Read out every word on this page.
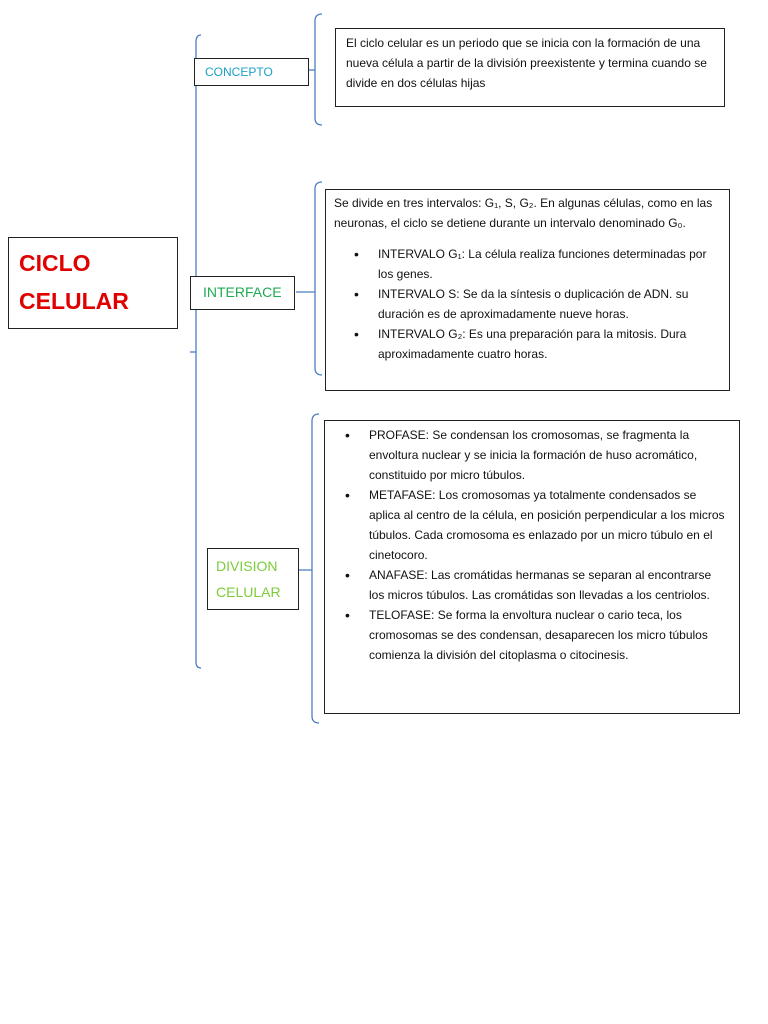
CICLO
CELULAR
CONCEPTO

El ciclo celular es un periodo que se inicia con la formación de una nueva célula a partir de la división preexistente y termina cuando se divide en dos células hijas

INTERFACE

Se divide en tres intervalos: G₁, S, G₂. En algunas células, como en las neuronas, el ciclo se detiene durante un intervalo denominado G₀.

• INTERVALO G₁: La célula realiza funciones determinadas por los genes.
• INTERVALO S: Se da la síntesis o duplicación de ADN. su duración es de aproximadamente nueve horas.
• INTERVALO G₂: Es una preparación para la mitosis. Dura aproximadamente cuatro horas.
DIVISION
CELULAR
• PROFASE: Se condensan los cromosomas, se fragmenta la envoltura nuclear y se inicia la formación de huso acromático, constituido por micro túbulos.
• METAFASE: Los cromosomas ya totalmente condensados se aplica al centro de la célula, en posición perpendicular a los micros túbulos. Cada cromosoma es enlazado por un micro túbulo en el cinetocoro.
• ANAFASE: Las cromátidas hermanas se separan al encontrarse los micros túbulos. Las cromátidas son llevadas a los centriolos.
• TELOFASE: Se forma la envoltura nuclear o cario teca, los cromosomas se des condensan, desaparecen los micro túbulos comienza la división del citoplasma o citocinesis.
